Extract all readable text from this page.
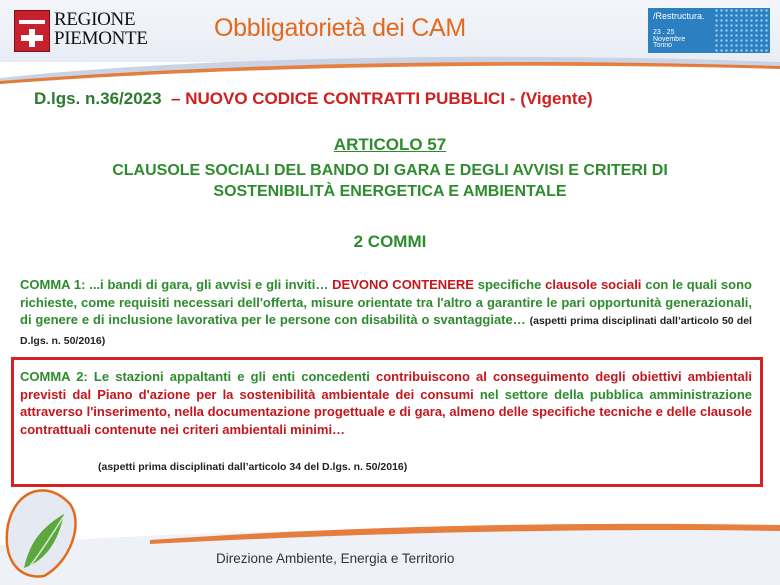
REGIONE
PIEMONTE	Obbligatorietà dei CAM	/Restructura.
23 . 25
Novembre
Torino
D.lgs. n.36/2023 – NUOVO CODICE CONTRATTI PUBBLICI - (Vigente)
ARTICOLO 57
CLAUSOLE SOCIALI DEL BANDO DI GARA E DEGLI AVVISI E CRITERI DI
SOSTENIBILITÀ ENERGETICA E AMBIENTALE
2 COMMI
COMMA 1: ...i bandi di gara, gli avvisi e gli inviti… DEVONO CONTENERE specifiche clausole sociali con le quali sono richieste, come requisiti necessari dell'offerta, misure orientate tra l'altro a garantire le pari opportunità generazionali, di genere e di inclusione lavorativa per le persone con disabilità o svantaggiate… (aspetti prima disciplinati dall’articolo 50 del D.lgs. n. 50/2016)
COMMA 2: Le stazioni appaltanti e gli enti concedenti contribuiscono al conseguimento degli obiettivi ambientali previsti dal Piano d'azione per la sostenibilità ambientale dei consumi nel settore della pubblica amministrazione attraverso l'inserimento, nella documentazione progettuale e di gara, almeno delle specifiche tecniche e delle clausole contrattuali contenute nei criteri ambientali minimi…
(aspetti prima disciplinati dall’articolo 34 del D.lgs. n. 50/2016)
Direzione Ambiente, Energia e Territorio
